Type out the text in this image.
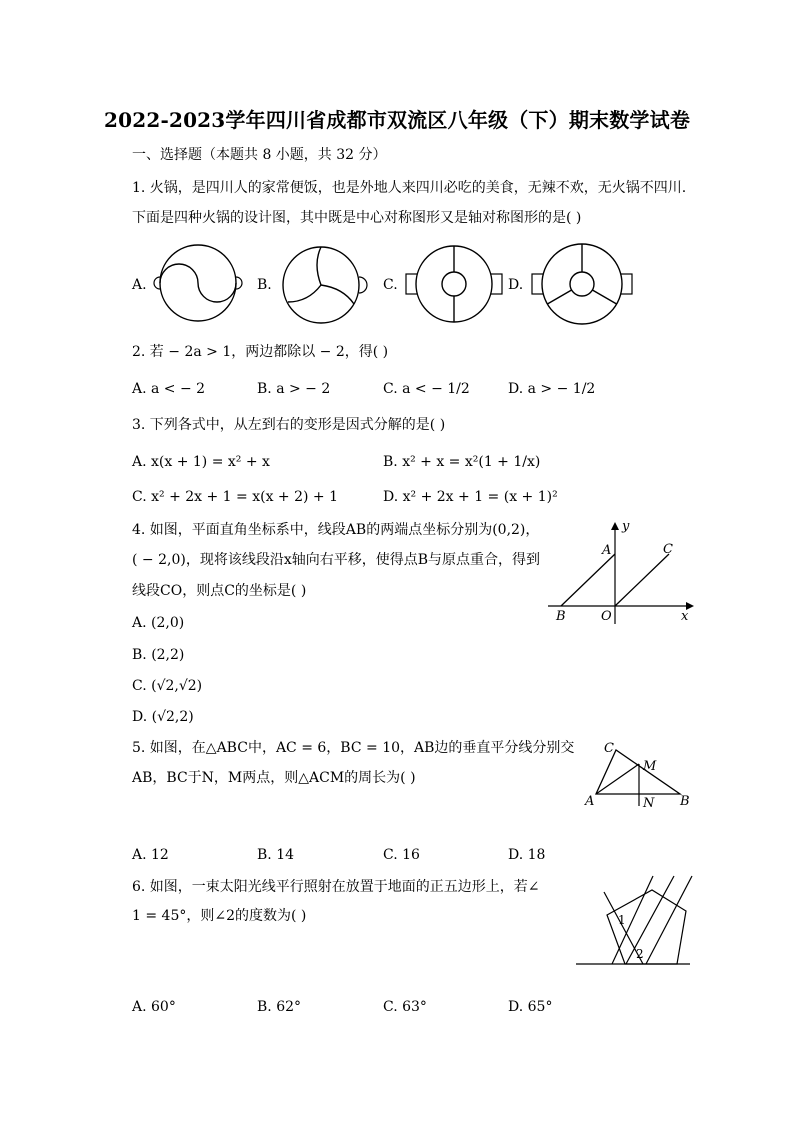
2022-2023学年四川省成都市双流区八年级（下）期末数学试卷
一、选择题（本题共 8 小题，共 32 分）
1. 火锅，是四川人的家常便饭，也是外地人来四川必吃的美食，无辣不欢，无火锅不四川.
下面是四种火锅的设计图，其中既是中心对称图形又是轴对称图形的是( )
A.	B.	C.	D.
2. 若 − 2a > 1，两边都除以 − 2，得( )
A. a < − 2	B. a > − 2	C. a < − 1/2	D. a > − 1/2
3. 下列各式中，从左到右的变形是因式分解的是( )
A. x(x + 1) = x² + x	B. x² + x = x²(1 + 1/x)
C. x² + 2x + 1 = x(x + 2) + 1	D. x² + 2x + 1 = (x + 1)²
4. 如图，平面直角坐标系中，线段AB的两端点坐标分别为(0,2)，
( − 2,0)，现将该线段沿x轴向右平移，使得点B与原点重合，得到
线段CO，则点C的坐标是( )
A. (2,0)
B. (2,2)
C. (√2,√2)
D. (√2,2)
y
x
A	C
B	O
5. 如图，在△ABC中，AC = 6，BC = 10，AB边的垂直平分线分别交
AB，BC于N，M两点，则△ACM的周长为( )
A. 12	B. 14	C. 16	D. 18
C
M
A	N B
6. 如图，一束太阳光线平行照射在放置于地面的正五边形上，若∠
1 = 45°，则∠2的度数为( )
A. 60°	B. 62°	C. 63°	D. 65°
1
2
